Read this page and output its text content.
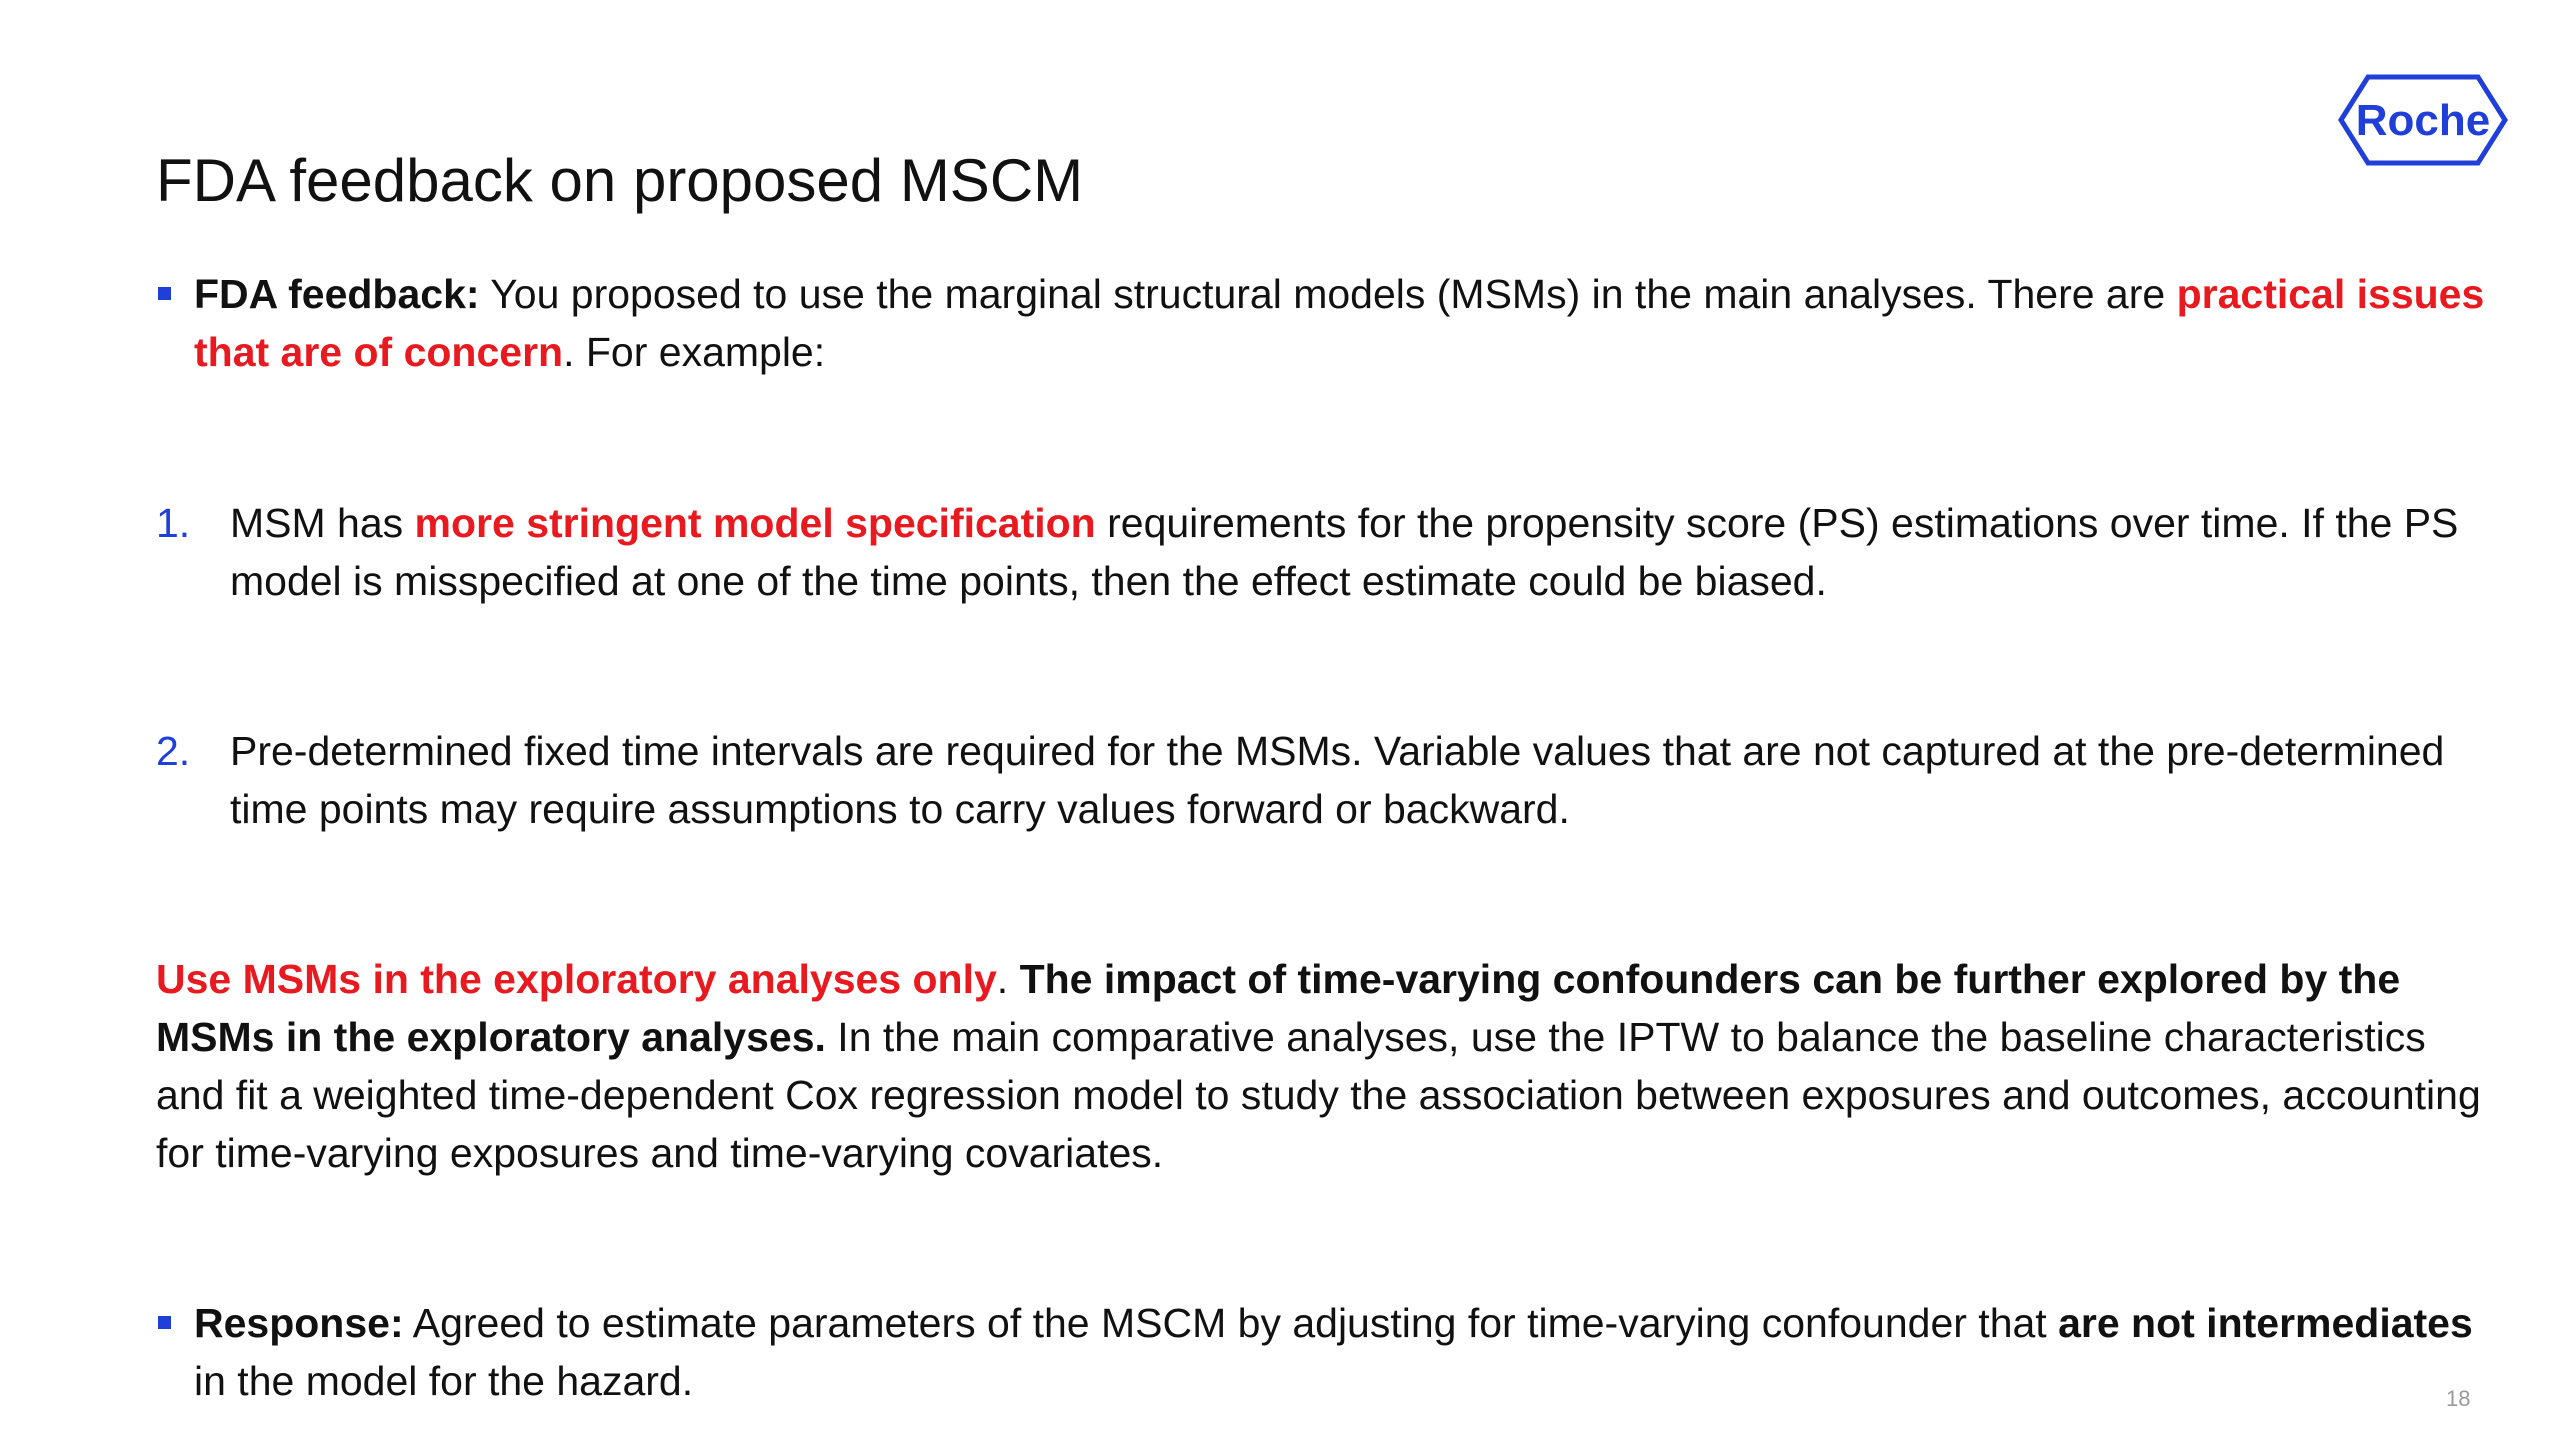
FDA feedback on proposed MSCM
Roche
FDA feedback: You proposed to use the marginal structural models (MSMs) in the main analyses. There are practical issues that are of concern. For example:
1. MSM has more stringent model specification requirements for the propensity score (PS) estimations over time. If the PS model is misspecified at one of the time points, then the effect estimate could be biased.
2. Pre-determined fixed time intervals are required for the MSMs. Variable values that are not captured at the pre-determined time points may require assumptions to carry values forward or backward.
Use MSMs in the exploratory analyses only. The impact of time-varying confounders can be further explored by the MSMs in the exploratory analyses. In the main comparative analyses, use the IPTW to balance the baseline characteristics and fit a weighted time-dependent Cox regression model to study the association between exposures and outcomes, accounting for time-varying exposures and time-varying covariates.
Response: Agreed to estimate parameters of the MSCM by adjusting for time-varying confounder that are not intermediates in the model for the hazard.	18
